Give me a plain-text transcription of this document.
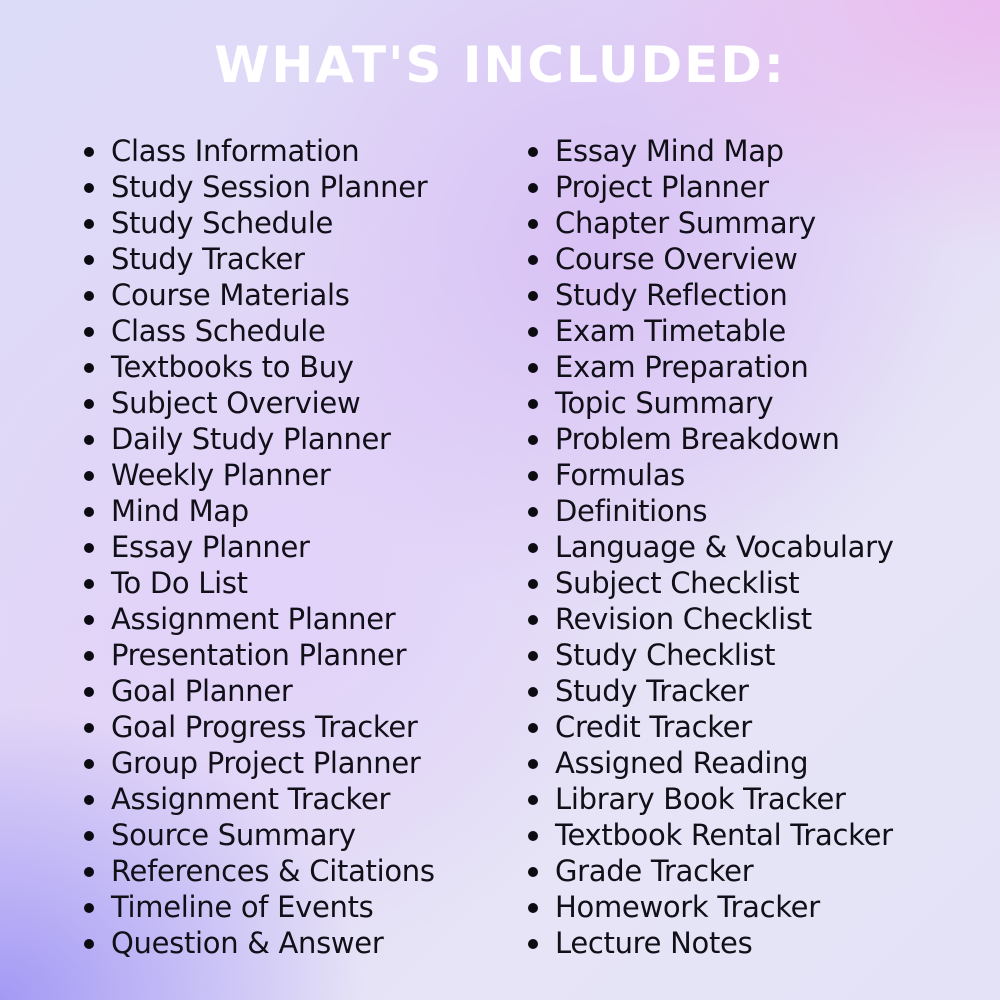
WHAT'S INCLUDED:
Class Information
Study Session Planner
Study Schedule
Study Tracker
Course Materials
Class Schedule
Textbooks to Buy
Subject Overview
Daily Study Planner
Weekly Planner
Mind Map
Essay Planner
To Do List
Assignment Planner
Presentation Planner
Goal Planner
Goal Progress Tracker
Group Project Planner
Assignment Tracker
Source Summary
References & Citations
Timeline of Events
Question & Answer
Essay Mind Map
Project Planner
Chapter Summary
Course Overview
Study Reflection
Exam Timetable
Exam Preparation
Topic Summary
Problem Breakdown
Formulas
Definitions
Language & Vocabulary
Subject Checklist
Revision Checklist
Study Checklist
Study Tracker
Credit Tracker
Assigned Reading
Library Book Tracker
Textbook Rental Tracker
Grade Tracker
Homework Tracker
Lecture Notes
